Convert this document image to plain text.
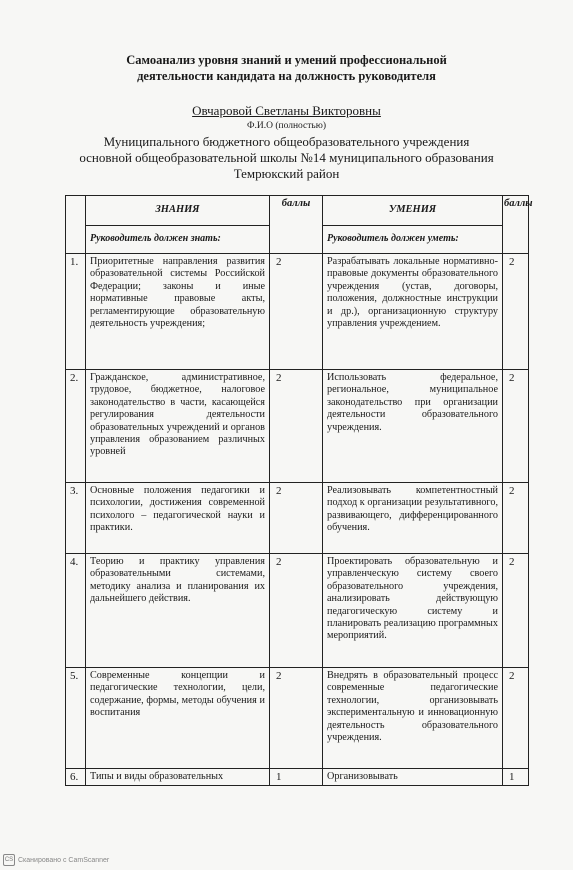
Самоанализ уровня знаний и умений профессиональной
деятельности кандидата на должность руководителя
Овчаровой Светланы Викторовны
Ф.И.О (полностью)
Муниципального бюджетного общеобразовательного учреждения
основной общеобразовательной школы №14 муниципального образования
Темрюкский район
	ЗНАНИЯ	баллы	УМЕНИЯ	баллы
	Руководитель должен знать:		Руководитель должен уметь:	
1.	Приоритетные направления развития образовательной системы Российской Федерации; законы и иные нормативные правовые акты, регламентирующие образовательную деятельность учреждения;	2	Разрабатывать локальные нормативно-правовые документы образовательного учреждения (устав, договоры, положения, должностные инструкции и др.), организационную структуру управления учреждением.	2
2.	Гражданское, административное, трудовое, бюджетное, налоговое законодательство в части, касающейся регулирования деятельности образовательных учреждений и органов управления образованием различных уровней	2	Использовать федеральное, региональное, муниципальное законодательство при организации деятельности образовательного учреждения.	2
3.	Основные положения педагогики и психологии, достижения современной психолого – педагогической науки и практики.	2	Реализовывать компетентностный подход к организации результативного, развивающего, дифференцированного обучения.	2
4.	Теорию и практику управления образовательными системами, методику анализа и планирования их дальнейшего действия.	2	Проектировать образовательную и управленческую систему своего образовательного учреждения, анализировать действующую педагогическую систему и планировать реализацию программных мероприятий.	2
5.	Современные концепции и педагогические технологии, цели, содержание, формы, методы обучения и воспитания	2	Внедрять в образовательный процесс современные педагогические технологии, организовывать экспериментальную и инновационную деятельность образовательного учреждения.	2
6.	Типы и виды образовательных	1	Организовывать	1
CS Сканировано с CamScanner
